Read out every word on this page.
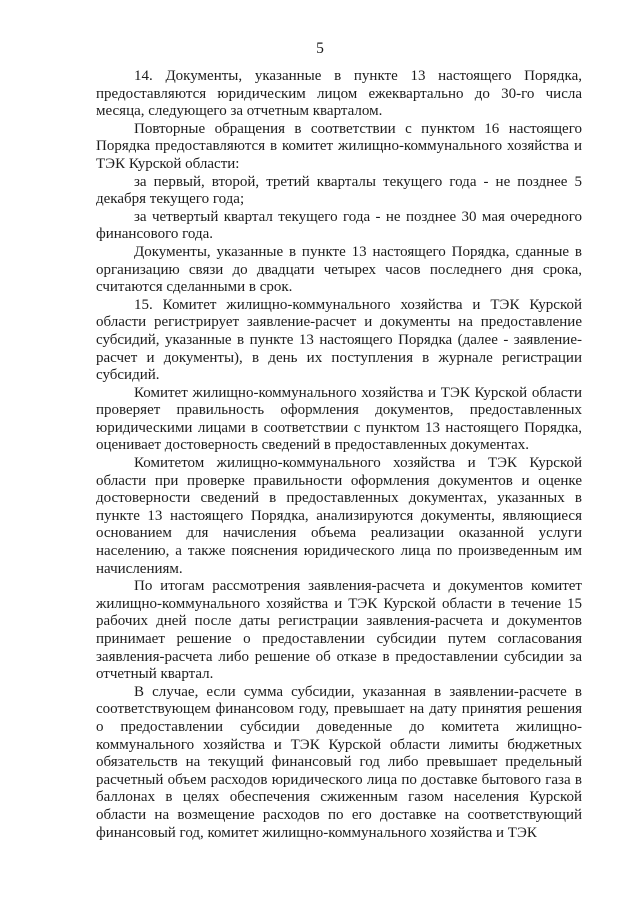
5

14. Документы, указанные в пункте 13 настоящего Порядка, предоставляются юридическим лицом ежеквартально до 30-го числа месяца, следующего за отчетным кварталом.

Повторные обращения в соответствии с пунктом 16 настоящего Порядка предоставляются в комитет жилищно-коммунального хозяйства и ТЭК Курской области:

за первый, второй, третий кварталы текущего года - не позднее 5 декабря текущего года;

за четвертый квартал текущего года - не позднее 30 мая очередного финансового года.

Документы, указанные в пункте 13 настоящего Порядка, сданные в организацию связи до двадцати четырех часов последнего дня срока, считаются сделанными в срок.

15. Комитет жилищно-коммунального хозяйства и ТЭК Курской области регистрирует заявление-расчет и документы на предоставление субсидий, указанные в пункте 13 настоящего Порядка (далее - заявление-расчет и документы), в день их поступления в журнале регистрации субсидий.

Комитет жилищно-коммунального хозяйства и ТЭК Курской области проверяет правильность оформления документов, предоставленных юридическими лицами в соответствии с пунктом 13 настоящего Порядка, оценивает достоверность сведений в предоставленных документах.

Комитетом жилищно-коммунального хозяйства и ТЭК Курской области при проверке правильности оформления документов и оценке достоверности сведений в предоставленных документах, указанных в пункте 13 настоящего Порядка, анализируются документы, являющиеся основанием для начисления объема реализации оказанной услуги населению, а также пояснения юридического лица по произведенным им начислениям.

По итогам рассмотрения заявления-расчета и документов комитет жилищно-коммунального хозяйства и ТЭК Курской области в течение 15 рабочих дней после даты регистрации заявления-расчета и документов принимает решение о предоставлении субсидии путем согласования заявления-расчета либо решение об отказе в предоставлении субсидии за отчетный квартал.

В случае, если сумма субсидии, указанная в заявлении-расчете в соответствующем финансовом году, превышает на дату принятия решения о предоставлении субсидии доведенные до комитета жилищно-коммунального хозяйства и ТЭК Курской области лимиты бюджетных обязательств на текущий финансовый год либо превышает предельный расчетный объем расходов юридического лица по доставке бытового газа в баллонах в целях обеспечения сжиженным газом населения Курской области на возмещение расходов по его доставке на соответствующий финансовый год, комитет жилищно-коммунального хозяйства и ТЭК
